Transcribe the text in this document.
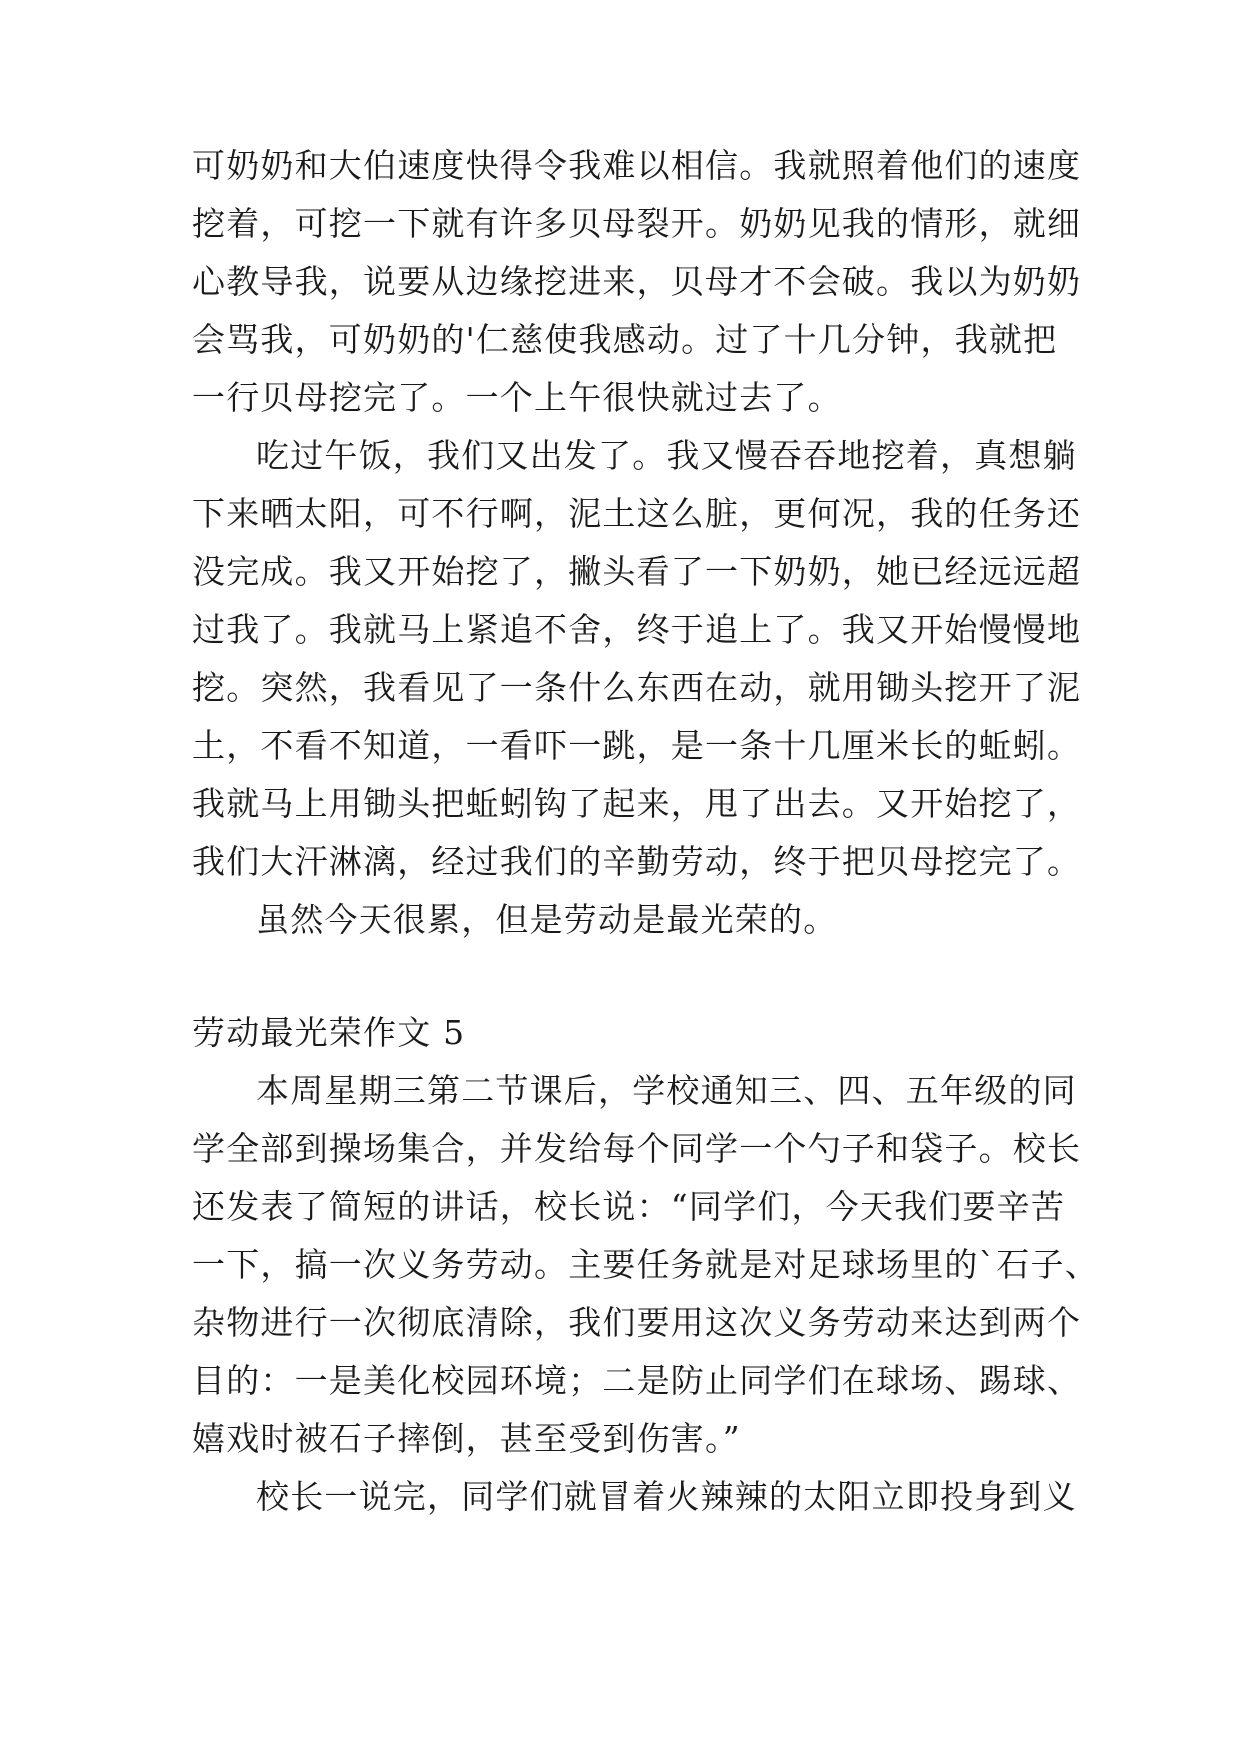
可奶奶和大伯速度快得令我难以相信。我就照着他们的速度
挖着，可挖一下就有许多贝母裂开。奶奶见我的情形，就细
心教导我，说要从边缘挖进来，贝母才不会破。我以为奶奶
会骂我，可奶奶的'仁慈使我感动。过了十几分钟，我就把
一行贝母挖完了。一个上午很快就过去了。
吃过午饭，我们又出发了。我又慢吞吞地挖着，真想躺
下来晒太阳，可不行啊，泥土这么脏，更何况，我的任务还
没完成。我又开始挖了，撇头看了一下奶奶，她已经远远超
过我了。我就马上紧追不舍，终于追上了。我又开始慢慢地
挖。突然，我看见了一条什么东西在动，就用锄头挖开了泥
土，不看不知道，一看吓一跳，是一条十几厘米长的蚯蚓。
我就马上用锄头把蚯蚓钩了起来，甩了出去。又开始挖了，
我们大汗淋漓，经过我们的辛勤劳动，终于把贝母挖完了。
虽然今天很累，但是劳动是最光荣的。
劳动最光荣作文 5
本周星期三第二节课后，学校通知三、四、五年级的同
学全部到操场集合，并发给每个同学一个勺子和袋子。校长
还发表了简短的讲话，校长说：“同学们，今天我们要辛苦
一下，搞一次义务劳动。主要任务就是对足球场里的`石子、
杂物进行一次彻底清除，我们要用这次义务劳动来达到两个
目的：一是美化校园环境；二是防止同学们在球场、踢球、
嬉戏时被石子摔倒，甚至受到伤害。”
校长一说完，同学们就冒着火辣辣的太阳立即投身到义
